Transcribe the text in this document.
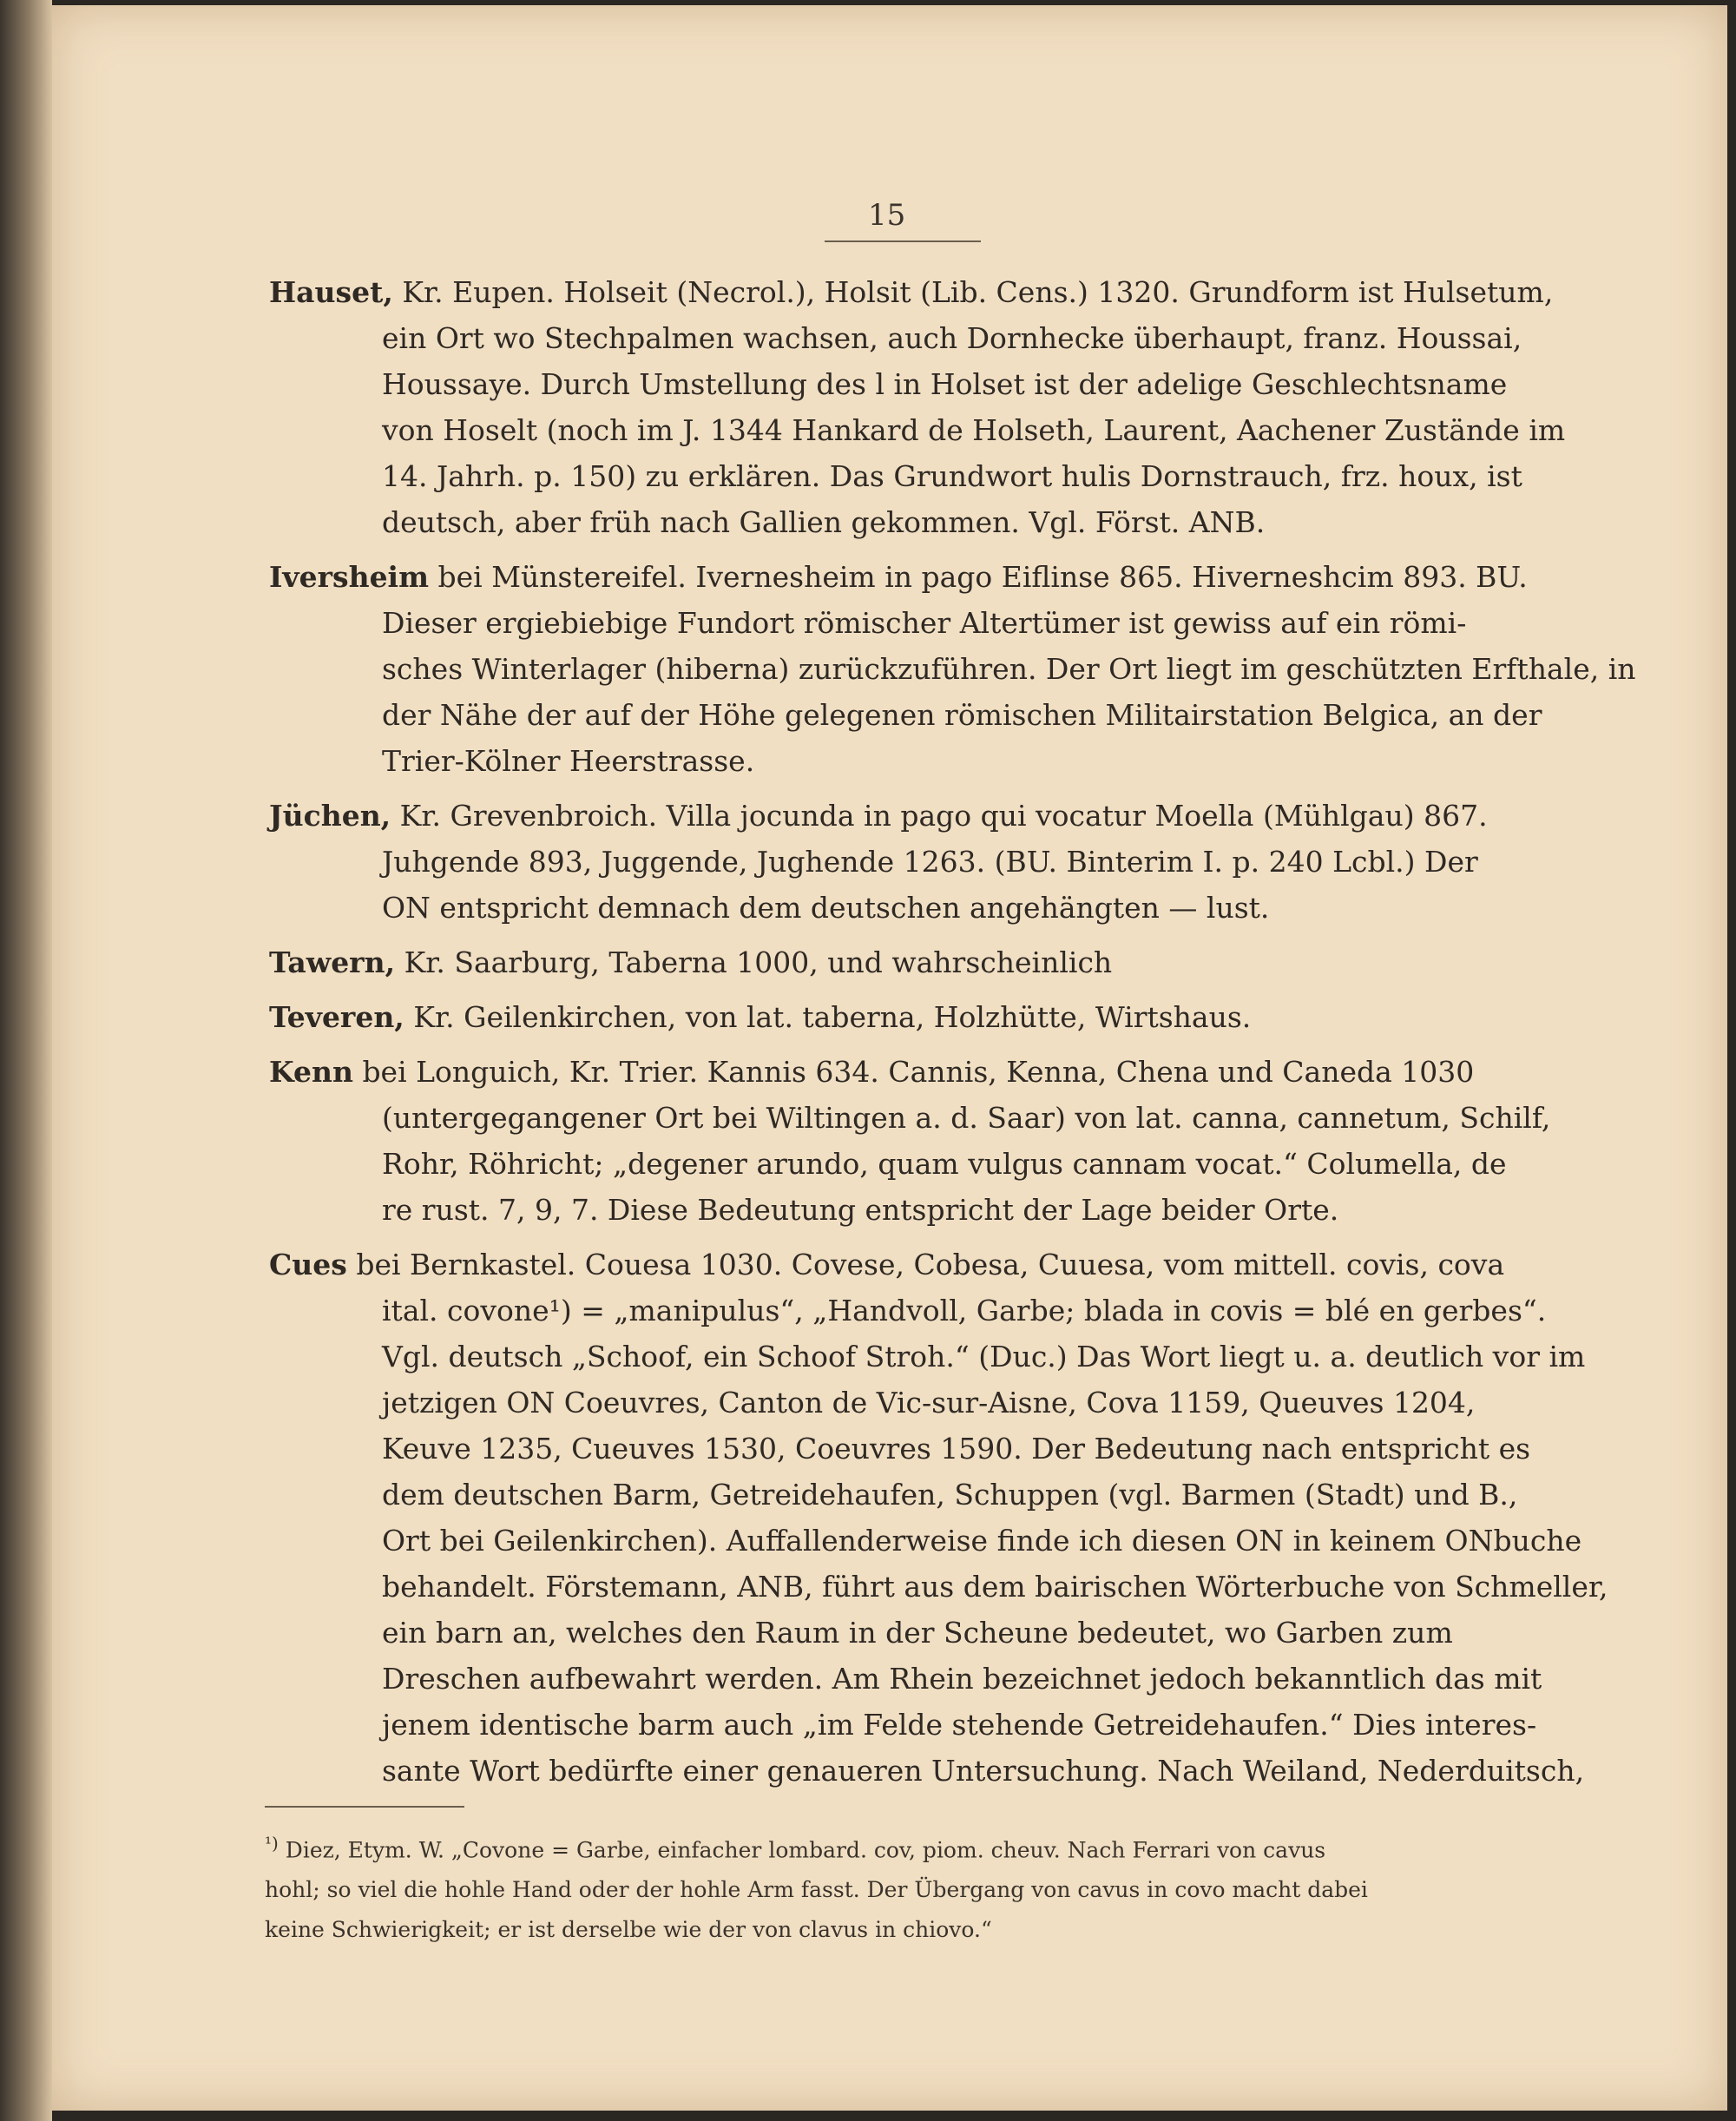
15
Hauset, Kr. Eupen. Holseit (Necrol.), Holsit (Lib. Cens.) 1320. Grundform ist Hulsetum,
ein Ort wo Stechpalmen wachsen, auch Dornhecke überhaupt, franz. Houssai,
Houssaye. Durch Umstellung des l in Holset ist der adelige Geschlechtsname
von Hoselt (noch im J. 1344 Hankard de Holseth, Laurent, Aachener Zustände im
14. Jahrh. p. 150) zu erklären. Das Grundwort hulis Dornstrauch, frz. houx, ist
deutsch, aber früh nach Gallien gekommen. Vgl. Först. ANB.
Iversheim bei Münstereifel. Ivernesheim in pago Eiflinse 865. Hiverneshcim 893. BU.
Dieser ergiebiebige Fundort römischer Altertümer ist gewiss auf ein römi-
sches Winterlager (hiberna) zurückzuführen. Der Ort liegt im geschützten Erfthale, in
der Nähe der auf der Höhe gelegenen römischen Militairstation Belgica, an der
Trier-Kölner Heerstrasse.
Jüchen, Kr. Grevenbroich. Villa jocunda in pago qui vocatur Moella (Mühlgau) 867.
Juhgende 893, Juggende, Jughende 1263. (BU. Binterim I. p. 240 Lcbl.) Der
ON entspricht demnach dem deutschen angehängten — lust.
Tawern, Kr. Saarburg, Taberna 1000, und wahrscheinlich
Teveren, Kr. Geilenkirchen, von lat. taberna, Holzhütte, Wirtshaus.
Kenn bei Longuich, Kr. Trier. Kannis 634. Cannis, Kenna, Chena und Caneda 1030
(untergegangener Ort bei Wiltingen a. d. Saar) von lat. canna, cannetum, Schilf,
Rohr, Röhricht; „degener arundo, quam vulgus cannam vocat.“ Columella, de
re rust. 7, 9, 7. Diese Bedeutung entspricht der Lage beider Orte.
Cues bei Bernkastel. Couesa 1030. Covese, Cobesa, Cuuesa, vom mittell. covis, cova
ital. covone¹) = „manipulus“, „Handvoll, Garbe; blada in covis = blé en gerbes“.
Vgl. deutsch „Schoof, ein Schoof Stroh.“ (Duc.) Das Wort liegt u. a. deutlich vor im
jetzigen ON Coeuvres, Canton de Vic-sur-Aisne, Cova 1159, Queuves 1204,
Keuve 1235, Cueuves 1530, Coeuvres 1590. Der Bedeutung nach entspricht es
dem deutschen Barm, Getreidehaufen, Schuppen (vgl. Barmen (Stadt) und B.,
Ort bei Geilenkirchen). Auffallenderweise finde ich diesen ON in keinem ONbuche
behandelt. Förstemann, ANB, führt aus dem bairischen Wörterbuche von Schmeller,
ein barn an, welches den Raum in der Scheune bedeutet, wo Garben zum
Dreschen aufbewahrt werden. Am Rhein bezeichnet jedoch bekanntlich das mit
jenem identische barm auch „im Felde stehende Getreidehaufen.“ Dies interes-
sante Wort bedürfte einer genaueren Untersuchung. Nach Weiland, Nederduitsch,
$^{^1)}$ Diez, Etym. W. „Covone = Garbe, einfacher lombard. cov, piom. cheuv. Nach Ferrari von cavus
hohl; so viel die hohle Hand oder der hohle Arm fasst. Der Übergang von cavus in covo macht dabei
keine Schwierigkeit; er ist derselbe wie der von clavus in chiovo.“
